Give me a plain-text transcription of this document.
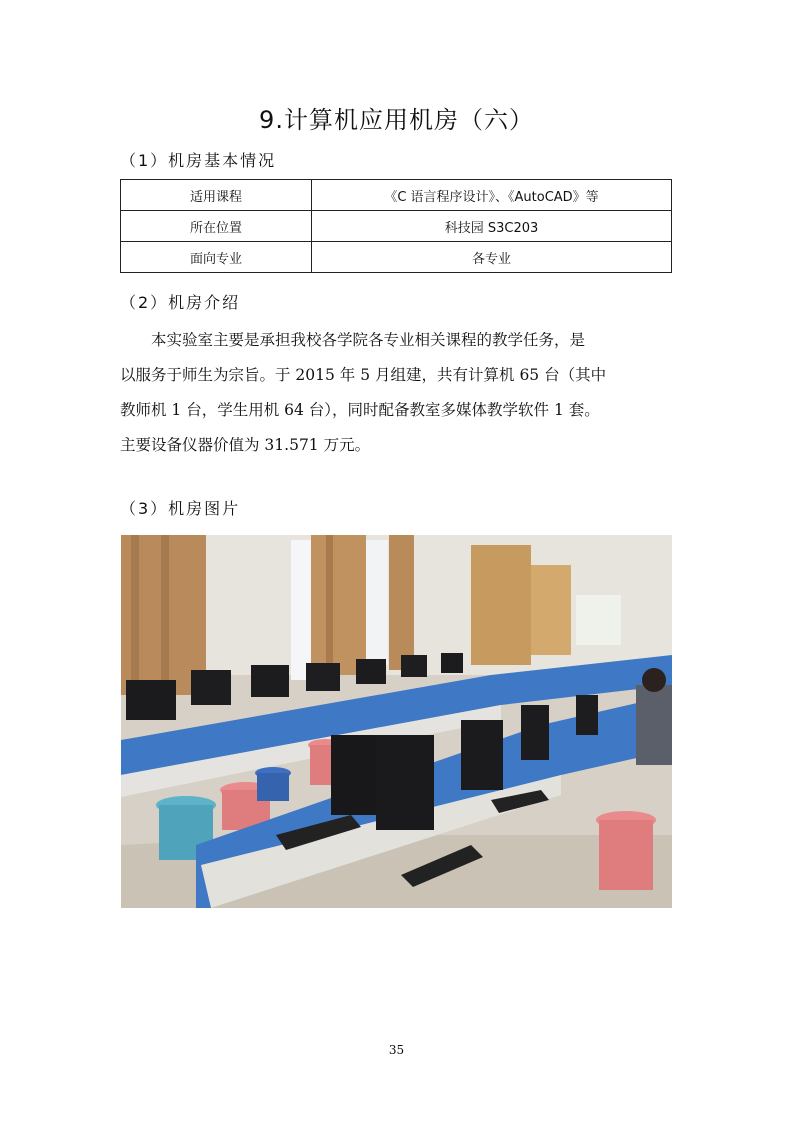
9.计算机应用机房（六）
（1）机房基本情况
适用课程	《C 语言程序设计》、《AutoCAD》等
所在位置	科技园 S3C203
面向专业	各专业
（2）机房介绍

本实验室主要是承担我校各学院各专业相关课程的教学任务，是

以服务于师生为宗旨。于 2015 年 5 月组建，共有计算机 65 台（其中

教师机 1 台，学生用机 64 台），同时配备教室多媒体教学软件 1 套。

主要设备仪器价值为 31.571 万元。

（3）机房图片
35
